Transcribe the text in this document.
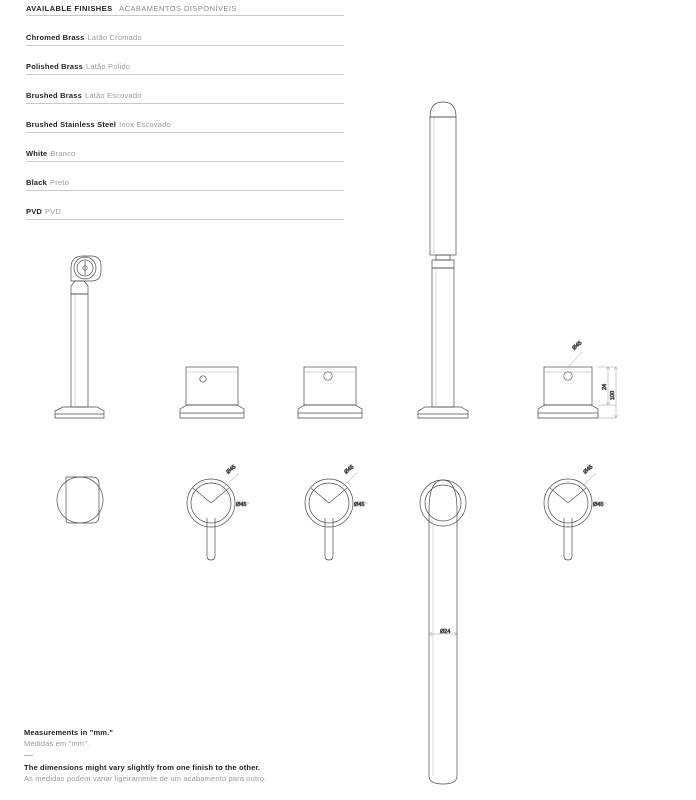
AVAILABLE FINISHES ACABAMENTOS DISPONÍVEIS
Chromed Brass Latão Cromado
Polished Brass Latão Polido
Brushed Brass Latão Escovado
Brushed Stainless Steel Inox Escovado
White Branco
Black Preto
PVD PVD
Ø45
24
100
Ø45
Ø45
Ø45
Ø45
Ø24
Ø45
Ø45
Measurements in "mm."
Medidas em "mm".
The dimensions might vary slightly from one finish to the other.
As medidas podem variar ligeiramente de um acabamento para outro.
